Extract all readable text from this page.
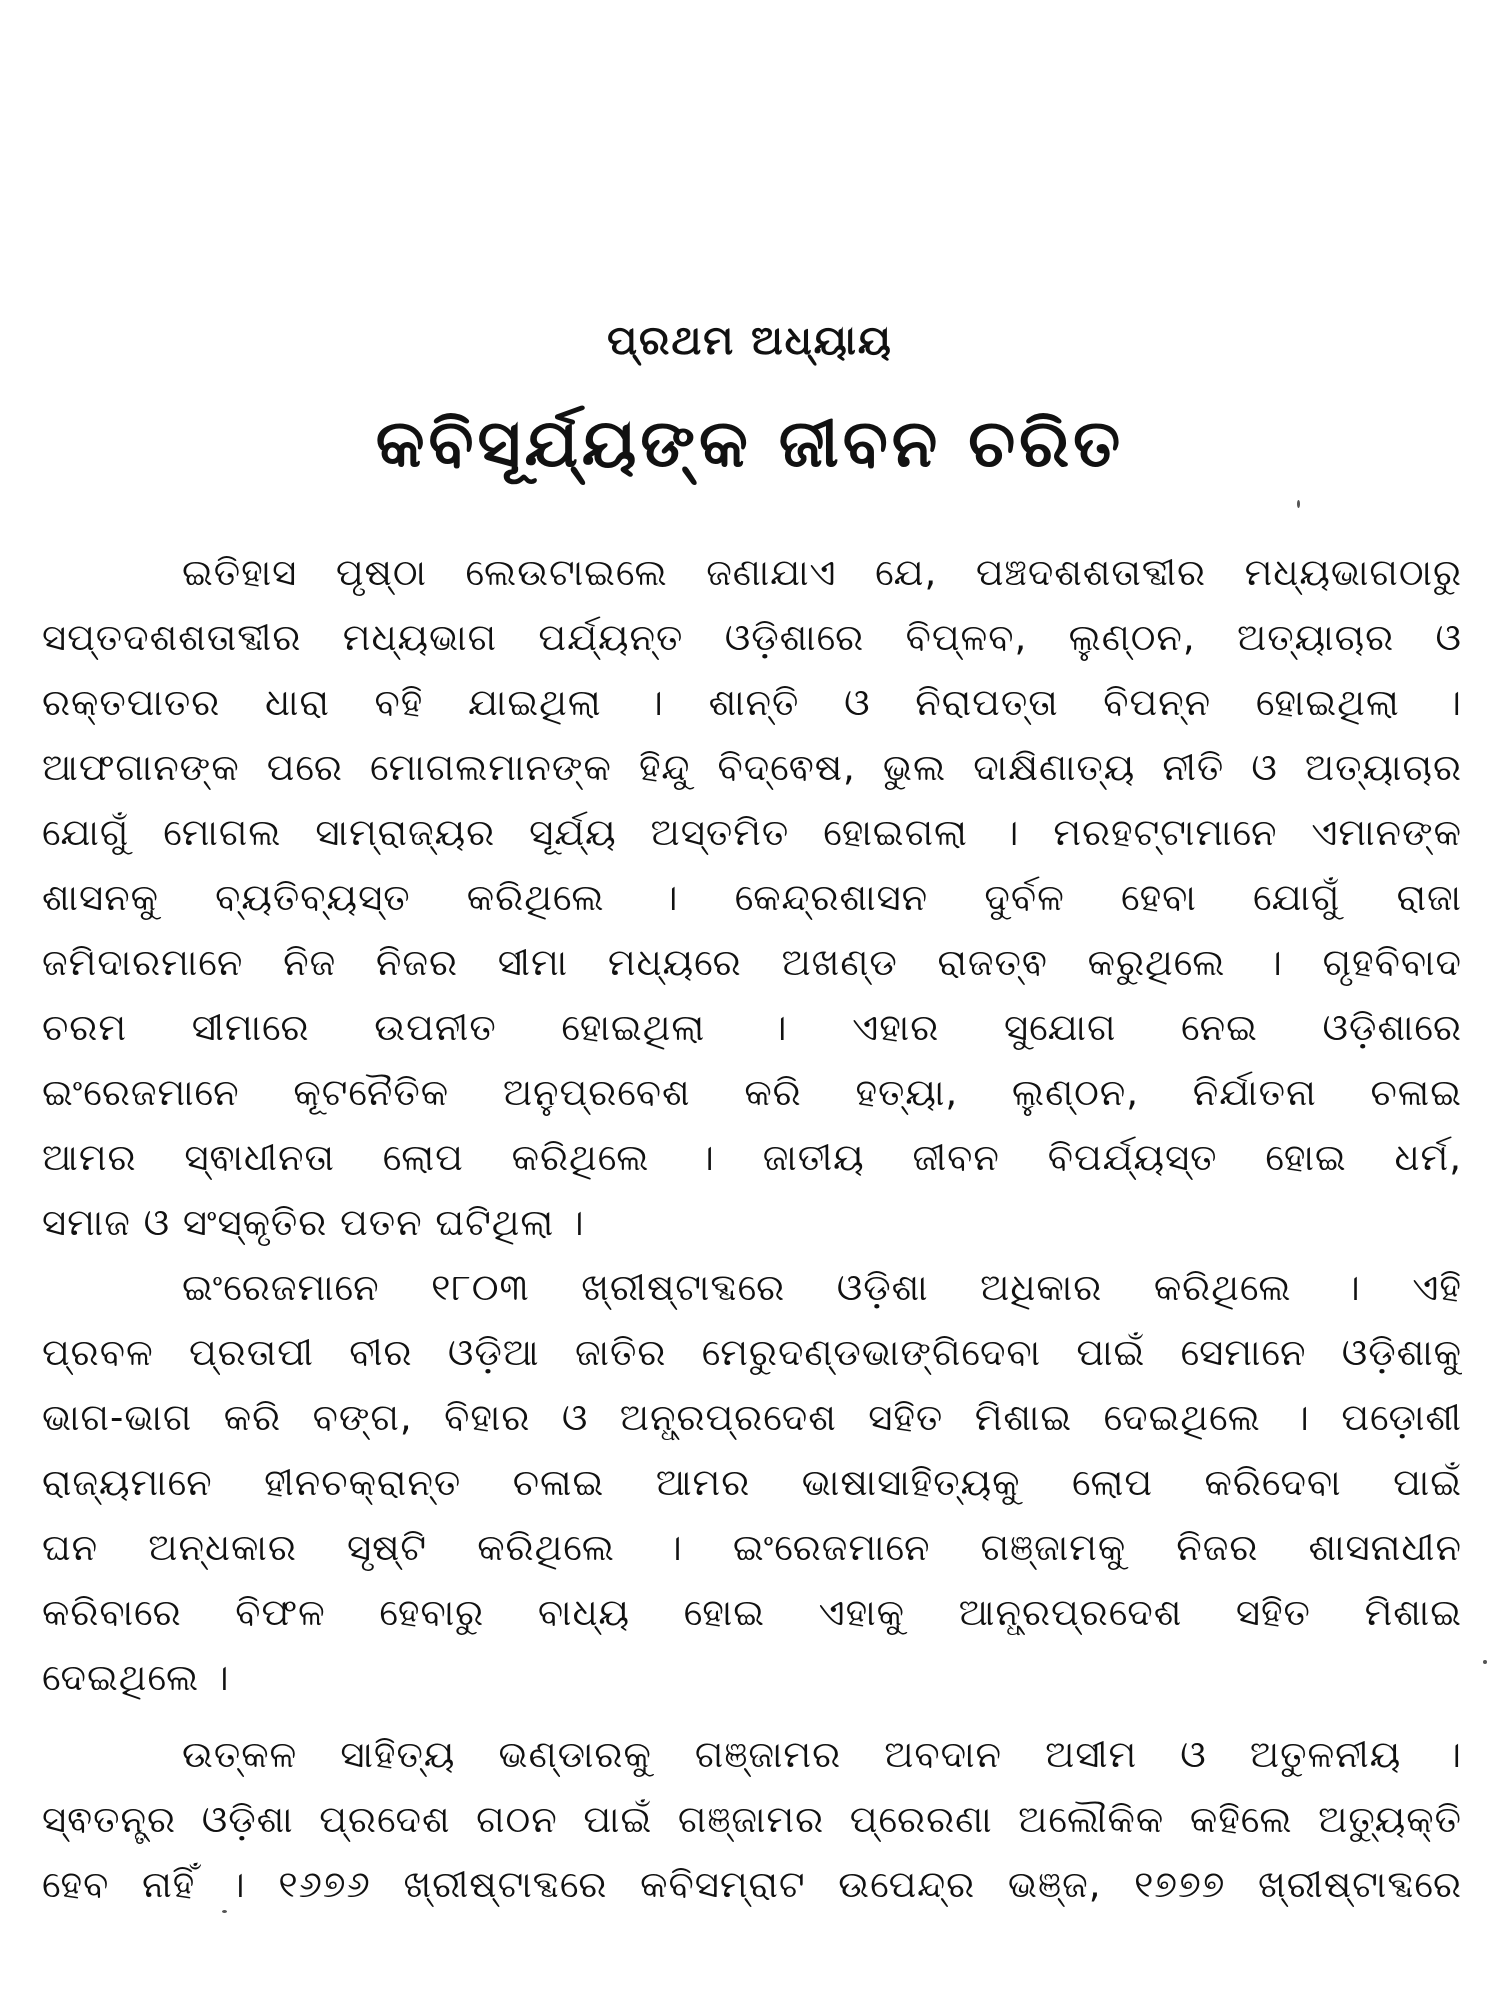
ପ୍ରଥମ ଅଧ୍ୟାୟ
କବିସୂର୍ଯ୍ୟଙ୍କ ଜୀବନ ଚରିତ
ଇତିହାସ ପୃଷ୍ଠା ଲେଉଟାଇଲେ ଜଣାଯାଏ ଯେ, ପଞ୍ଚଦଶଶତାବ୍ଦୀର ମଧ୍ୟଭାଗଠାରୁ
ସପ୍ତଦଶଶତାବ୍ଦୀର ମଧ୍ୟଭାଗ ପର୍ଯ୍ୟନ୍ତ ଓଡ଼ିଶାରେ ବିପ୍ଳବ, ଲୁଣ୍ଠନ, ଅତ୍ୟାଚାର ଓ
ରକ୍ତପାତର ଧାରା ବହି ଯାଇଥିଲା । ଶାନ୍ତି ଓ ନିରାପତ୍ତା ବିପନ୍ନ ହୋଇଥିଲା ।
ଆଫଗାନଙ୍କ ପରେ ମୋଗଲମାନଙ୍କ ହିନ୍ଦୁ ବିଦ୍ଵେଷ, ଭୁଲ ଦାକ୍ଷିଣାତ୍ୟ ନୀତି ଓ ଅତ୍ୟାଚାର
ଯୋଗୁଁ ମୋଗଲ ସାମ୍ରାଜ୍ୟର ସୂର୍ଯ୍ୟ ଅସ୍ତମିତ ହୋଇଗଲା । ମରହଟ୍ଟାମାନେ ଏମାନଙ୍କ
ଶାସନକୁ ବ୍ୟତିବ୍ୟସ୍ତ କରିଥିଲେ । କେନ୍ଦ୍ରଶାସନ ଦୁର୍ବଳ ହେବା ଯୋଗୁଁ ରାଜା
ଜମିଦାରମାନେ ନିଜ ନିଜର ସୀମା ମଧ୍ୟରେ ଅଖଣ୍ଡ ରାଜତ୍ଵ କରୁଥିଲେ । ଗୃହବିବାଦ
ଚରମ ସୀମାରେ ଉପନୀତ ହୋଇଥିଲା । ଏହାର ସୁଯୋଗ ନେଇ ଓଡ଼ିଶାରେ
ଇଂରେଜମାନେ କୂଟନୈତିକ ଅନୁପ୍ରବେଶ କରି ହତ୍ୟା, ଲୁଣ୍ଠନ, ନିର୍ଯାତନା ଚଳାଇ
ଆମର ସ୍ଵାଧୀନତା ଲୋପ କରିଥିଲେ । ଜାତୀୟ ଜୀବନ ବିପର୍ଯ୍ୟସ୍ତ ହୋଇ ଧର୍ମ,
ସମାଜ ଓ ସଂସ୍କୃତିର ପତନ ଘଟିଥିଲା ।
ଇଂରେଜମାନେ ୧୮୦୩ ଖ୍ରୀଷ୍ଟାବ୍ଦରେ ଓଡ଼ିଶା ଅଧିକାର କରିଥିଲେ । ଏହି
ପ୍ରବଳ ପ୍ରତାପୀ ବୀର ଓଡ଼ିଆ ଜାତିର ମେରୁଦଣ୍ଡଭାଙ୍ଗିଦେବା ପାଇଁ ସେମାନେ ଓଡ଼ିଶାକୁ
ଭାଗ-ଭାଗ କରି ବଙ୍ଗ, ବିହାର ଓ ଅନ୍ଧ୍ରପ୍ରଦେଶ ସହିତ ମିଶାଇ ଦେଇଥିଲେ । ପଡ଼ୋଶୀ
ରାଜ୍ୟମାନେ ହୀନଚକ୍ରାନ୍ତ ଚଳାଇ ଆମର ଭାଷାସାହିତ୍ୟକୁ ଲୋପ କରିଦେବା ପାଇଁ
ଘନ ଅନ୍ଧକାର ସୃଷ୍ଟି କରିଥିଲେ । ଇଂରେଜମାନେ ଗଞ୍ଜାମକୁ ନିଜର ଶାସନାଧୀନ
କରିବାରେ ବିଫଳ ହେବାରୁ ବାଧ୍ୟ ହୋଇ ଏହାକୁ ଆନ୍ଧ୍ରପ୍ରଦେଶ ସହିତ ମିଶାଇ
ଦେଇଥିଲେ ।
ଉତ୍କଳ ସାହିତ୍ୟ ଭଣ୍ଡାରକୁ ଗଞ୍ଜାମର ଅବଦାନ ଅସୀମ ଓ ଅତୁଳନୀୟ ।
ସ୍ଵତନ୍ତ୍ର ଓଡ଼ିଶା ପ୍ରଦେଶ ଗଠନ ପାଇଁ ଗଞ୍ଜାମର ପ୍ରେରଣା ଅଲୌକିକ କହିଲେ ଅତ୍ୟୁକ୍ତି
ହେବ ନାହିଁ । ୧୬୭୬ ଖ୍ରୀଷ୍ଟାବ୍ଦରେ କବିସମ୍ରାଟ ଉପେନ୍ଦ୍ର ଭଞ୍ଜ, ୧୭୭୭ ଖ୍ରୀଷ୍ଟାବ୍ଦରେ
